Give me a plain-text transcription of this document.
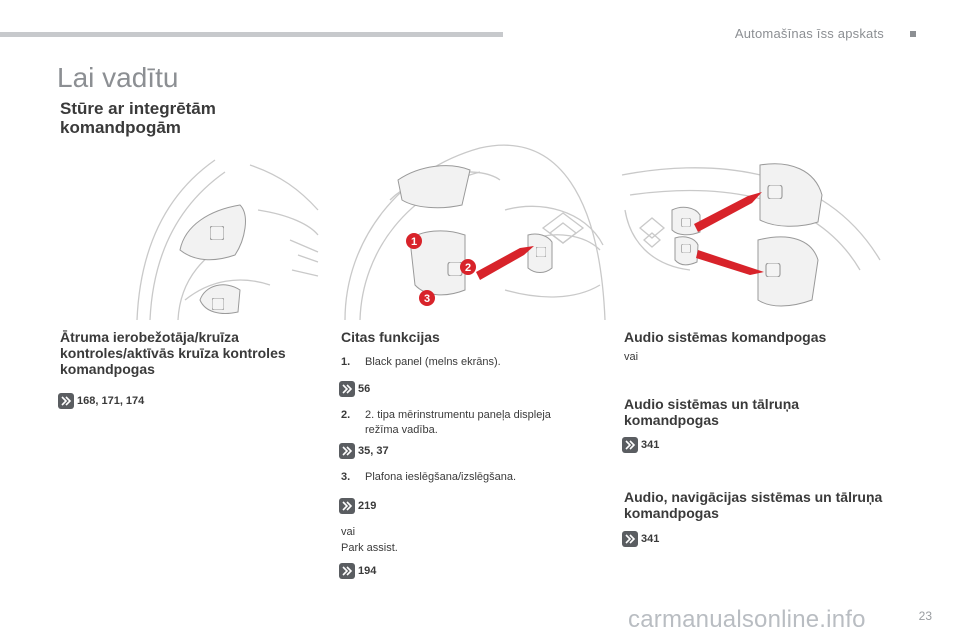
Automašīnas īss apskats
Lai vadītu
Stūre ar integrētām komandpogām
1
2
3
Ātruma ierobežotāja/kruīza kontroles/aktīvās kruīza kontroles komandpogas
168, 171, 174
Citas funkcijas
1.	Black panel (melns ekrāns).
56
2.	2. tipa mērinstrumentu paneļa displeja režīma vadība.
35, 37
3.	Plafona ieslēgšana/izslēgšana.
219
vai
Park assist.
194
Audio sistēmas komandpogas
vai
Audio sistēmas un tālruņa komandpogas
341
Audio, navigācijas sistēmas un tālruņa komandpogas
341
carmanualsonline.info	23
